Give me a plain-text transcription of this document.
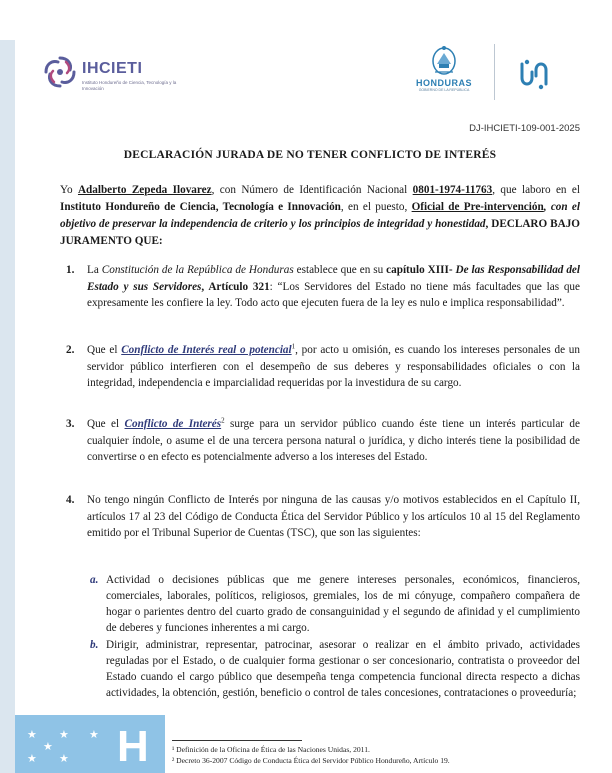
IHCIETI
Instituto Hondureño de Ciencia, Tecnología y la Innovación
HONDURAS
GOBIERNO DE LA REPÚBLICA
DJ-IHCIETI-109-001-2025
DECLARACIÓN JURADA DE NO TENER CONFLICTO DE INTERÉS
Yo Adalberto Zepeda Ilovarez, con Número de Identificación Nacional 0801-1974-11763, que laboro en el Instituto Hondureño de Ciencia, Tecnología e Innovación, en el puesto, Oficial de Pre-intervención, con el objetivo de preservar la independencia de criterio y los principios de integridad y honestidad, DECLARO BAJO JURAMENTO QUE:
1. La Constitución de la República de Honduras establece que en su capítulo XIII- De las Responsabilidad del Estado y sus Servidores, Artículo 321: “Los Servidores del Estado no tiene más facultades que las que expresamente les confiere la ley. Todo acto que ejecuten fuera de la ley es nulo e implica responsabilidad”.
2. Que el Conflicto de Interés real o potencial$^1$, por acto u omisión, es cuando los intereses personales de un servidor público interfieren con el desempeño de sus deberes y responsabilidades oficiales o con la integridad, independencia e imparcialidad requeridas por la investidura de su cargo.
3. Que el Conflicto de Interés$^2$ surge para un servidor público cuando éste tiene un interés particular de cualquier índole, o asume el de una tercera persona natural o jurídica, y dicho interés tiene la posibilidad de convertirse o en efecto es potencialmente adverso a los intereses del Estado.
4. No tengo ningún Conflicto de Interés por ninguna de las causas y/o motivos establecidos en el Capítulo II, artículos 17 al 23 del Código de Conducta Ética del Servidor Público y los artículos 10 al 15 del Reglamento emitido por el Tribunal Superior de Cuentas (TSC), que son las siguientes:
a. Actividad o decisiones públicas que me genere intereses personales, económicos, financieros, comerciales, laborales, políticos, religiosos, gremiales, los de mi cónyuge, compañero compañera de hogar o parientes dentro del cuarto grado de consanguinidad y el segundo de afinidad y el cumplimiento de deberes y funciones inherentes a mi cargo.
b. Dirigir, administrar, representar, patrocinar, asesorar o realizar en el ámbito privado, actividades reguladas por el Estado, o de cualquier forma gestionar o ser concesionario, contratista o proveedor del Estado cuando el cargo público que desempeña tenga competencia funcional directa respecto a dichas actividades, la obtención, gestión, beneficio o control de tales concesiones, contrataciones o proveeduría;
★ ★
★
★ ★
★ H	¹ Definición de la Oficina de Ética de las Naciones Unidas, 2011.
² Decreto 36-2007 Código de Conducta Ética del Servidor Público Hondureño, Artículo 19.
